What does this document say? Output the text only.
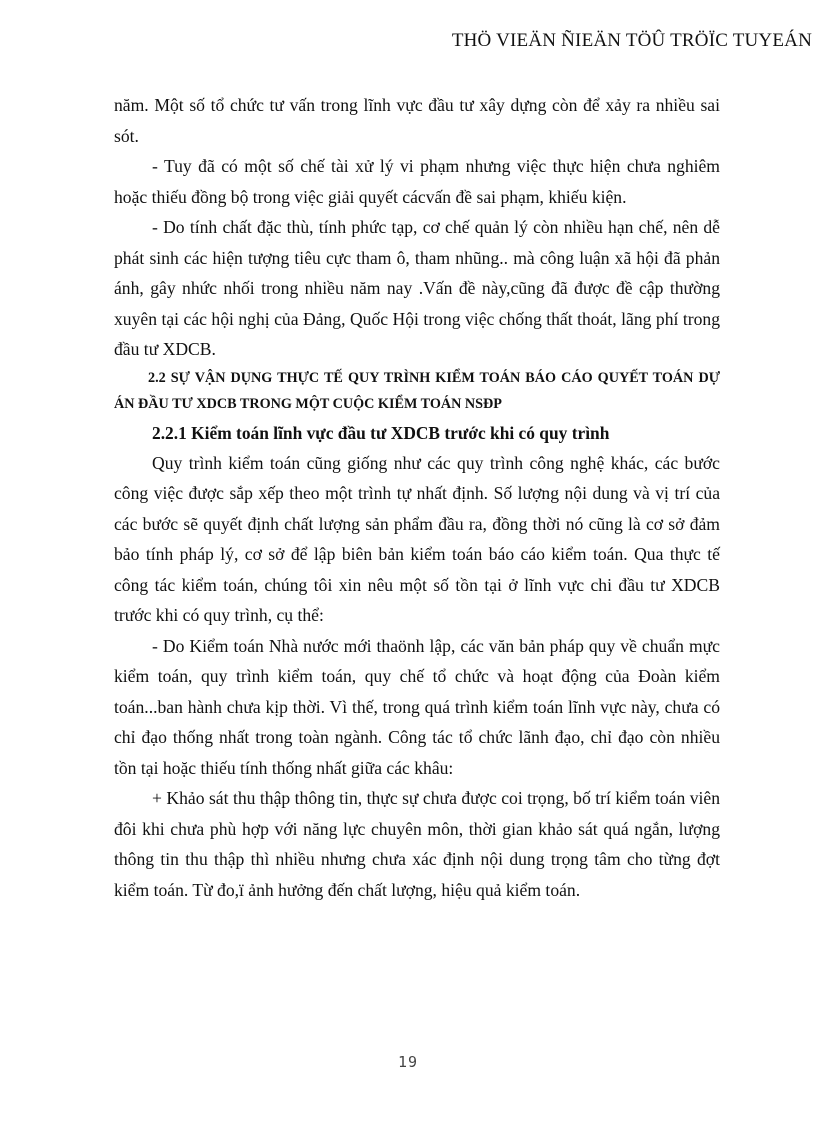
THÖ VIEÄN ÑIEÄN TÖÛ TRÖÏC TUYEÁN

năm. Một số tổ chức tư vấn trong lĩnh vực đầu tư xây dựng còn để xảy ra nhiều sai sót.

- Tuy đã có một số chế tài xử lý vi phạm nhưng việc thực hiện chưa nghiêm hoặc thiếu đồng bộ trong việc giải quyết cácvấn đề sai phạm, khiếu kiện.

- Do tính chất đặc thù, tính phức tạp, cơ chế quản lý còn nhiều hạn chế, nên dễ phát sinh các hiện tượng tiêu cực tham ô, tham nhũng.. mà công luận xã hội đã phản ánh, gây nhức nhối trong nhiều năm nay .Vấn đề này,cũng đã được đề cập thường xuyên tại các hội nghị của Đảng, Quốc Hội trong việc chống thất thoát, lãng phí trong đầu tư XDCB.

2.2 SỰ VẬN DỤNG THỰC TẾ QUY TRÌNH KIỂM TOÁN BÁO CÁO QUYẾT TOÁN DỰ ÁN ĐẦU TƯ XDCB TRONG MỘT CUỘC KIỂM TOÁN NSĐP

2.2.1 Kiểm toán lĩnh vực đầu tư XDCB trước khi có quy trình

Quy trình kiểm toán cũng giống như các quy trình công nghệ khác, các bước công việc được sắp xếp theo một trình tự nhất định. Số lượng nội dung và vị trí của các bước sẽ quyết định chất lượng sản phẩm đầu ra, đồng thời nó cũng là cơ sở đảm bảo tính pháp lý, cơ sở để lập biên bản kiểm toán báo cáo kiểm toán. Qua thực tế công tác kiểm toán, chúng tôi xin nêu một số tồn tại ở lĩnh vực chi đầu tư XDCB trước khi có quy trình, cụ thể:

- Do Kiểm toán Nhà nước mới thaönh lập, các văn bản pháp quy về chuẩn mực kiểm toán, quy trình kiểm toán, quy chế tổ chức và hoạt động của Đoàn kiểm toán...ban hành chưa kịp thời. Vì thế, trong quá trình kiểm toán lĩnh vực này, chưa có chỉ đạo thống nhất trong toàn ngành. Công tác tổ chức lãnh đạo, chỉ đạo còn nhiều tồn tại hoặc thiếu tính thống nhất giữa các khâu:

+ Khảo sát thu thập thông tin, thực sự chưa được coi trọng, bố trí kiểm toán viên đôi khi chưa phù hợp với năng lực chuyên môn, thời gian khảo sát quá ngắn, lượng thông tin thu thập thì nhiều nhưng chưa xác định nội dung trọng tâm cho từng đợt kiểm toán. Từ đo,ï ảnh hưởng đến chất lượng, hiệu quả kiểm toán.

19
